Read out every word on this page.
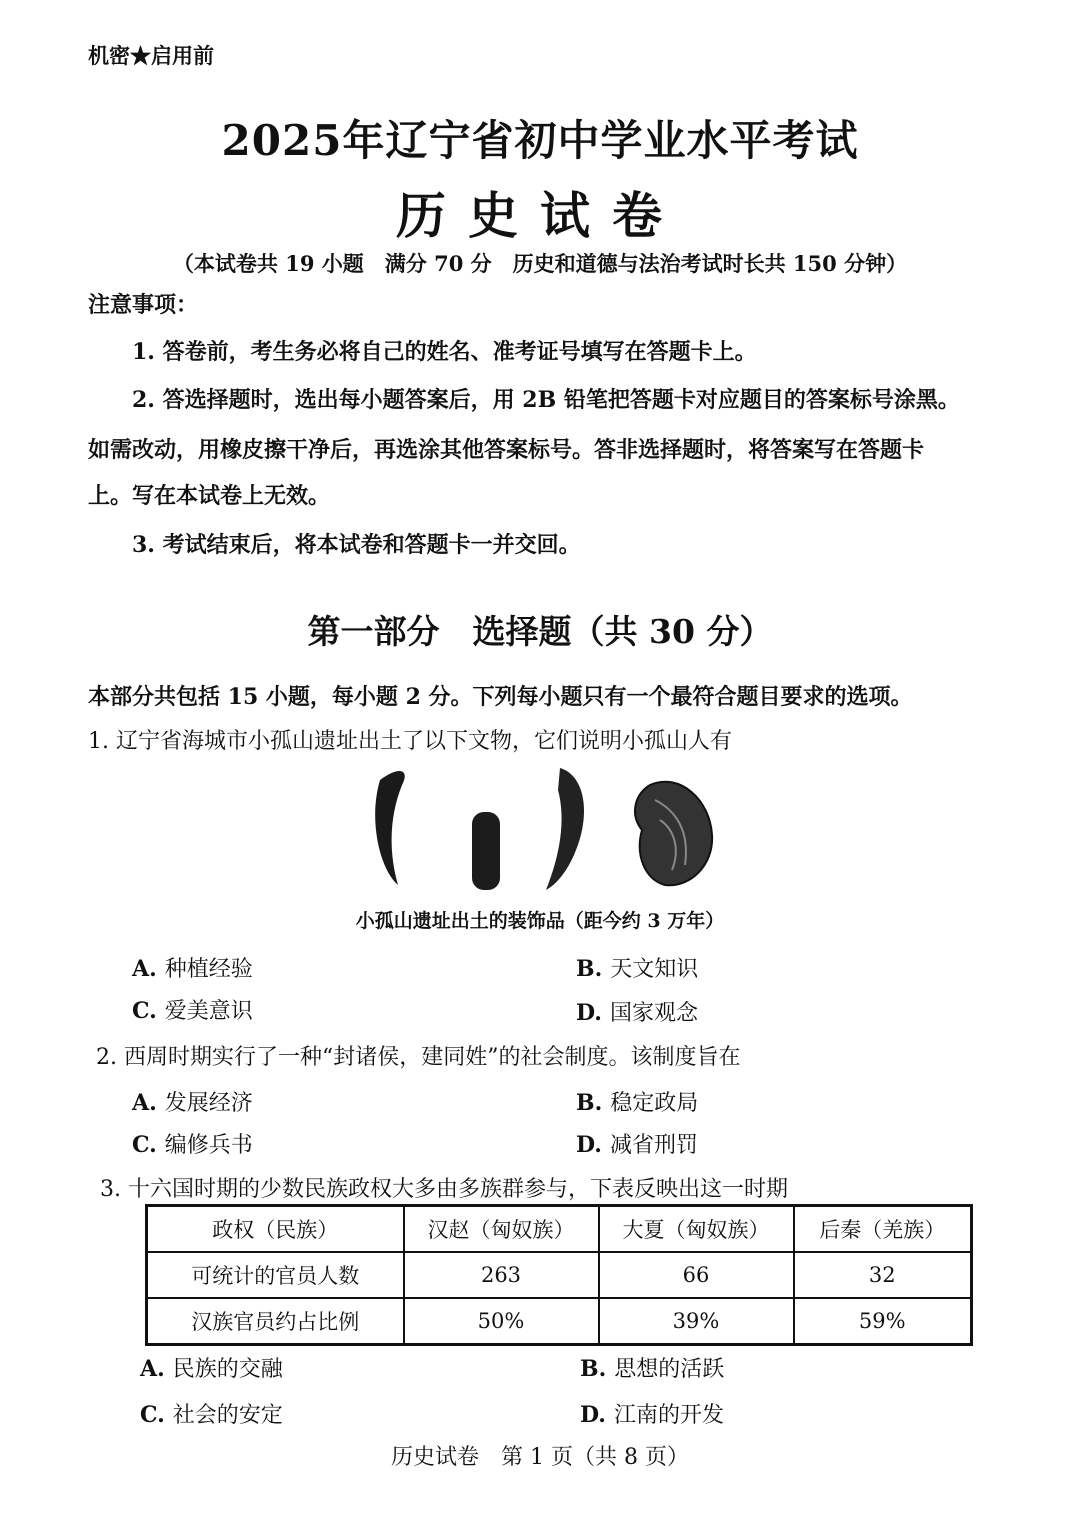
机密★启用前
2025年辽宁省初中学业水平考试
历史试卷
（本试卷共 19 小题　满分 70 分　历史和道德与法治考试时长共 150 分钟）
注意事项：
1. 答卷前，考生务必将自己的姓名、准考证号填写在答题卡上。
2. 答选择题时，选出每小题答案后，用 2B 铅笔把答题卡对应题目的答案标号涂黑。
如需改动，用橡皮擦干净后，再选涂其他答案标号。答非选择题时，将答案写在答题卡
上。写在本试卷上无效。
3. 考试结束后，将本试卷和答题卡一并交回。
第一部分　选择题（共 30 分）
本部分共包括 15 小题，每小题 2 分。下列每小题只有一个最符合题目要求的选项。
1. 辽宁省海城市小孤山遗址出土了以下文物，它们说明小孤山人有
小孤山遗址出土的装饰品（距今约 3 万年）
A. 种植经验	B. 天文知识
C. 爱美意识	D. 国家观念
2. 西周时期实行了一种“封诸侯，建同姓”的社会制度。该制度旨在
A. 发展经济	B. 稳定政局
C. 编修兵书	D. 减省刑罚
3. 十六国时期的少数民族政权大多由多族群参与，下表反映出这一时期
政权（民族）	汉赵（匈奴族）	大夏（匈奴族）	后秦（羌族）
可统计的官员人数	263	66	32
汉族官员约占比例	50%	39%	59%
A. 民族的交融	B. 思想的活跃
C. 社会的安定	D. 江南的开发
历史试卷　第 1 页（共 8 页）
